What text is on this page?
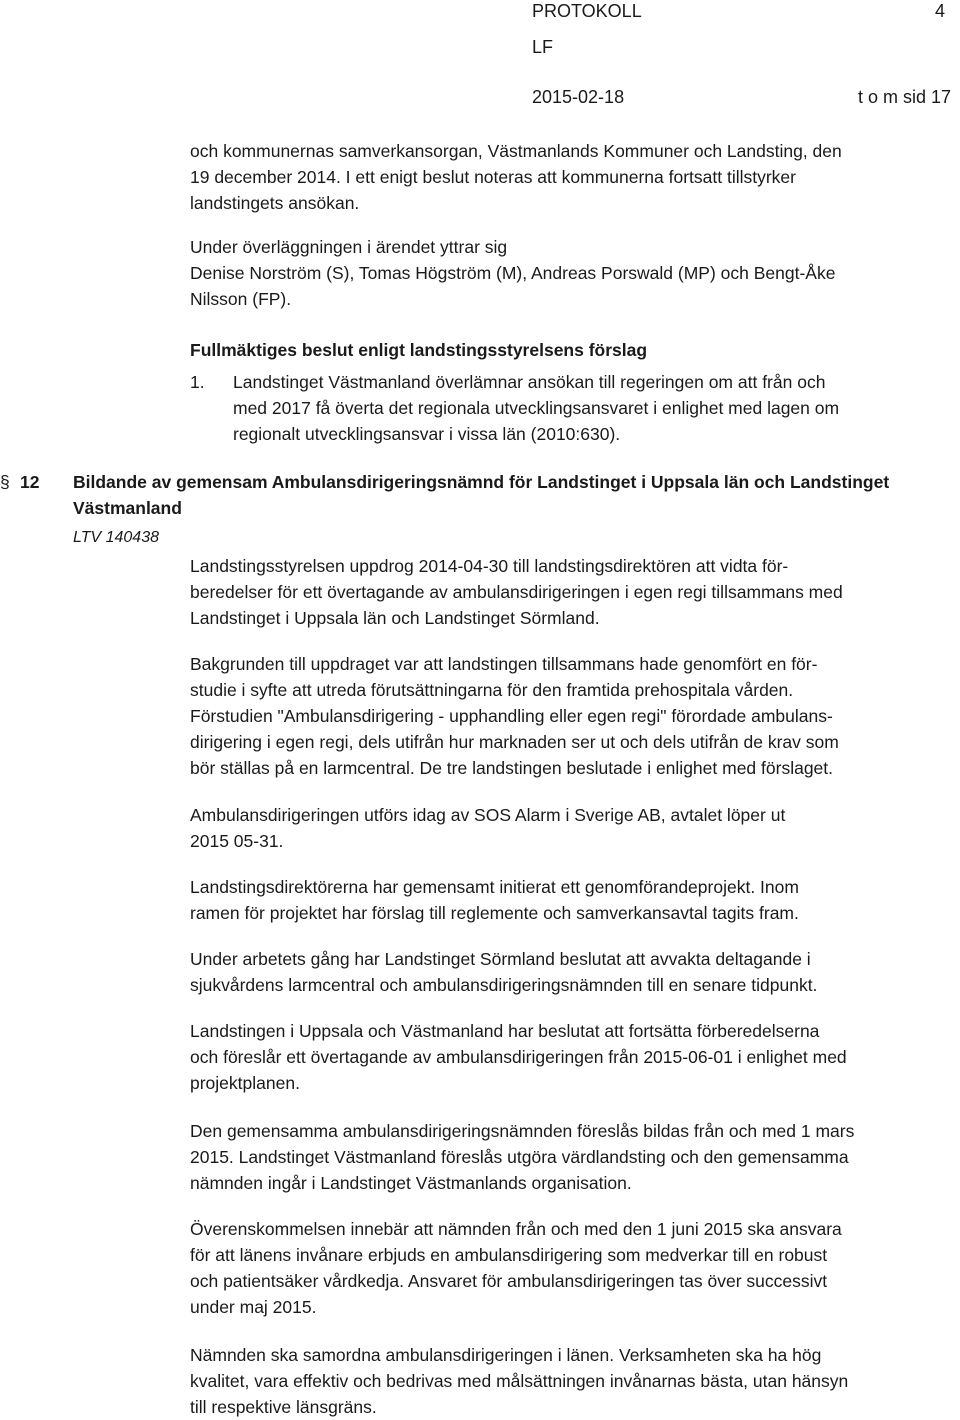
PROTOKOLL	4
LF
2015-02-18	t o m sid 17
och kommunernas samverkansorgan, Västmanlands Kommuner och Landsting, den
19 december 2014. I ett enigt beslut noteras att kommunerna fortsatt tillstyrker
landstingets ansökan.
Under överläggningen i ärendet yttrar sig
Denise Norström (S), Tomas Högström (M), Andreas Porswald (MP) och Bengt-Åke
Nilsson (FP).
Fullmäktiges beslut enligt landstingsstyrelsens förslag
1. Landstinget Västmanland överlämnar ansökan till regeringen om att från och
med 2017 få överta det regionala utvecklingsansvaret i enlighet med lagen om
regionalt utvecklingsansvar i vissa län (2010:630).
§ 12 Bildande av gemensam Ambulansdirigeringsnämnd för Landstinget i Uppsala län och Landstinget
Västmanland
LTV 140438
Landstingsstyrelsen uppdrog 2014-04-30 till landstingsdirektören att vidta för-
beredelser för ett övertagande av ambulansdirigeringen i egen regi tillsammans med
Landstinget i Uppsala län och Landstinget Sörmland.
Bakgrunden till uppdraget var att landstingen tillsammans hade genomfört en för-
studie i syfte att utreda förutsättningarna för den framtida prehospitala vården.
Förstudien "Ambulansdirigering - upphandling eller egen regi" förordade ambulans-
dirigering i egen regi, dels utifrån hur marknaden ser ut och dels utifrån de krav som
bör ställas på en larmcentral. De tre landstingen beslutade i enlighet med förslaget.
Ambulansdirigeringen utförs idag av SOS Alarm i Sverige AB, avtalet löper ut
2015 05-31.
Landstingsdirektörerna har gemensamt initierat ett genomförandeprojekt. Inom
ramen för projektet har förslag till reglemente och samverkansavtal tagits fram.
Under arbetets gång har Landstinget Sörmland beslutat att avvakta deltagande i
sjukvårdens larmcentral och ambulansdirigeringsnämnden till en senare tidpunkt.
Landstingen i Uppsala och Västmanland har beslutat att fortsätta förberedelserna
och föreslår ett övertagande av ambulansdirigeringen från 2015-06-01 i enlighet med
projektplanen.
Den gemensamma ambulansdirigeringsnämnden föreslås bildas från och med 1 mars
2015. Landstinget Västmanland föreslås utgöra värdlandsting och den gemensamma
nämnden ingår i Landstinget Västmanlands organisation.
Överenskommelsen innebär att nämnden från och med den 1 juni 2015 ska ansvara
för att länens invånare erbjuds en ambulansdirigering som medverkar till en robust
och patientsäker vårdkedja. Ansvaret för ambulansdirigeringen tas över successivt
under maj 2015.
Nämnden ska samordna ambulansdirigeringen i länen. Verksamheten ska ha hög
kvalitet, vara effektiv och bedrivas med målsättningen invånarnas bästa, utan hänsyn
till respektive länsgräns.
